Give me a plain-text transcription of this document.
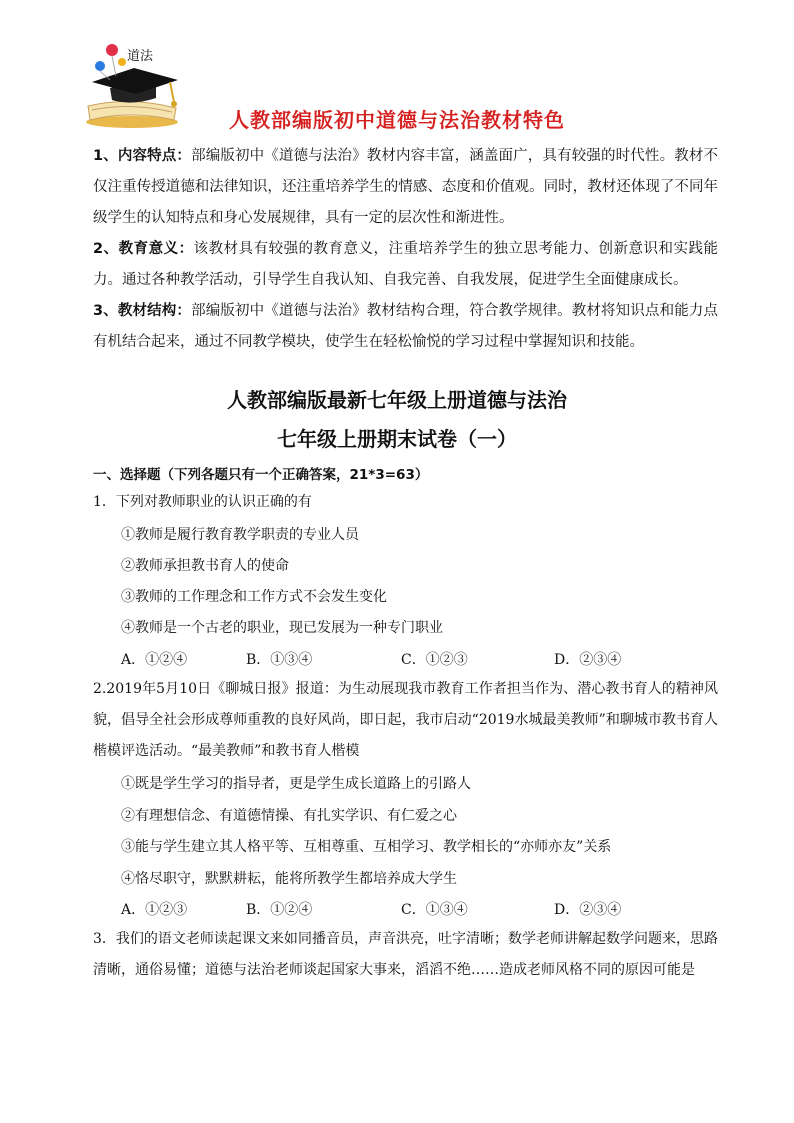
道法
人教部编版初中道德与法治教材特色
1、内容特点：部编版初中《道德与法治》教材内容丰富，涵盖面广，具有较强的时代性。教材不仅注重传授道德和法律知识，还注重培养学生的情感、态度和价值观。同时，教材还体现了不同年级学生的认知特点和身心发展规律，具有一定的层次性和渐进性。
2、教育意义：该教材具有较强的教育意义，注重培养学生的独立思考能力、创新意识和实践能力。通过各种教学活动，引导学生自我认知、自我完善、自我发展，促进学生全面健康成长。
3、教材结构：部编版初中《道德与法治》教材结构合理，符合教学规律。教材将知识点和能力点有机结合起来，通过不同教学模块，使学生在轻松愉悦的学习过程中掌握知识和技能。
人教部编版最新七年级上册道德与法治
七年级上册期末试卷（一）
一、选择题（下列各题只有一个正确答案，21*3=63）
1．下列对教师职业的认识正确的有
①教师是履行教育教学职责的专业人员
②教师承担教书育人的使命
③教师的工作理念和工作方式不会发生变化
④教师是一个古老的职业，现已发展为一种专门职业
A．①②④	B．①③④	C．①②③	D．②③④
2.2019年5月10日《聊城日报》报道：为生动展现我市教育工作者担当作为、潜心教书育人的精神风貌，倡导全社会形成尊师重教的良好风尚，即日起，我市启动“2019水城最美教师”和聊城市教书育人楷模评选活动。“最美教师”和教书育人楷模
①既是学生学习的指导者，更是学生成长道路上的引路人
②有理想信念、有道德情操、有扎实学识、有仁爱之心
③能与学生建立其人格平等、互相尊重、互相学习、教学相长的“亦师亦友”关系
④恪尽职守，默默耕耘，能将所教学生都培养成大学生
A．①②③	B．①②④	C．①③④	D．②③④
3．我们的语文老师读起课文来如同播音员，声音洪亮，吐字清晰；数学老师讲解起数学问题来，思路清晰，通俗易懂；道德与法治老师谈起国家大事来，滔滔不绝……造成老师风格不同的原因可能是
